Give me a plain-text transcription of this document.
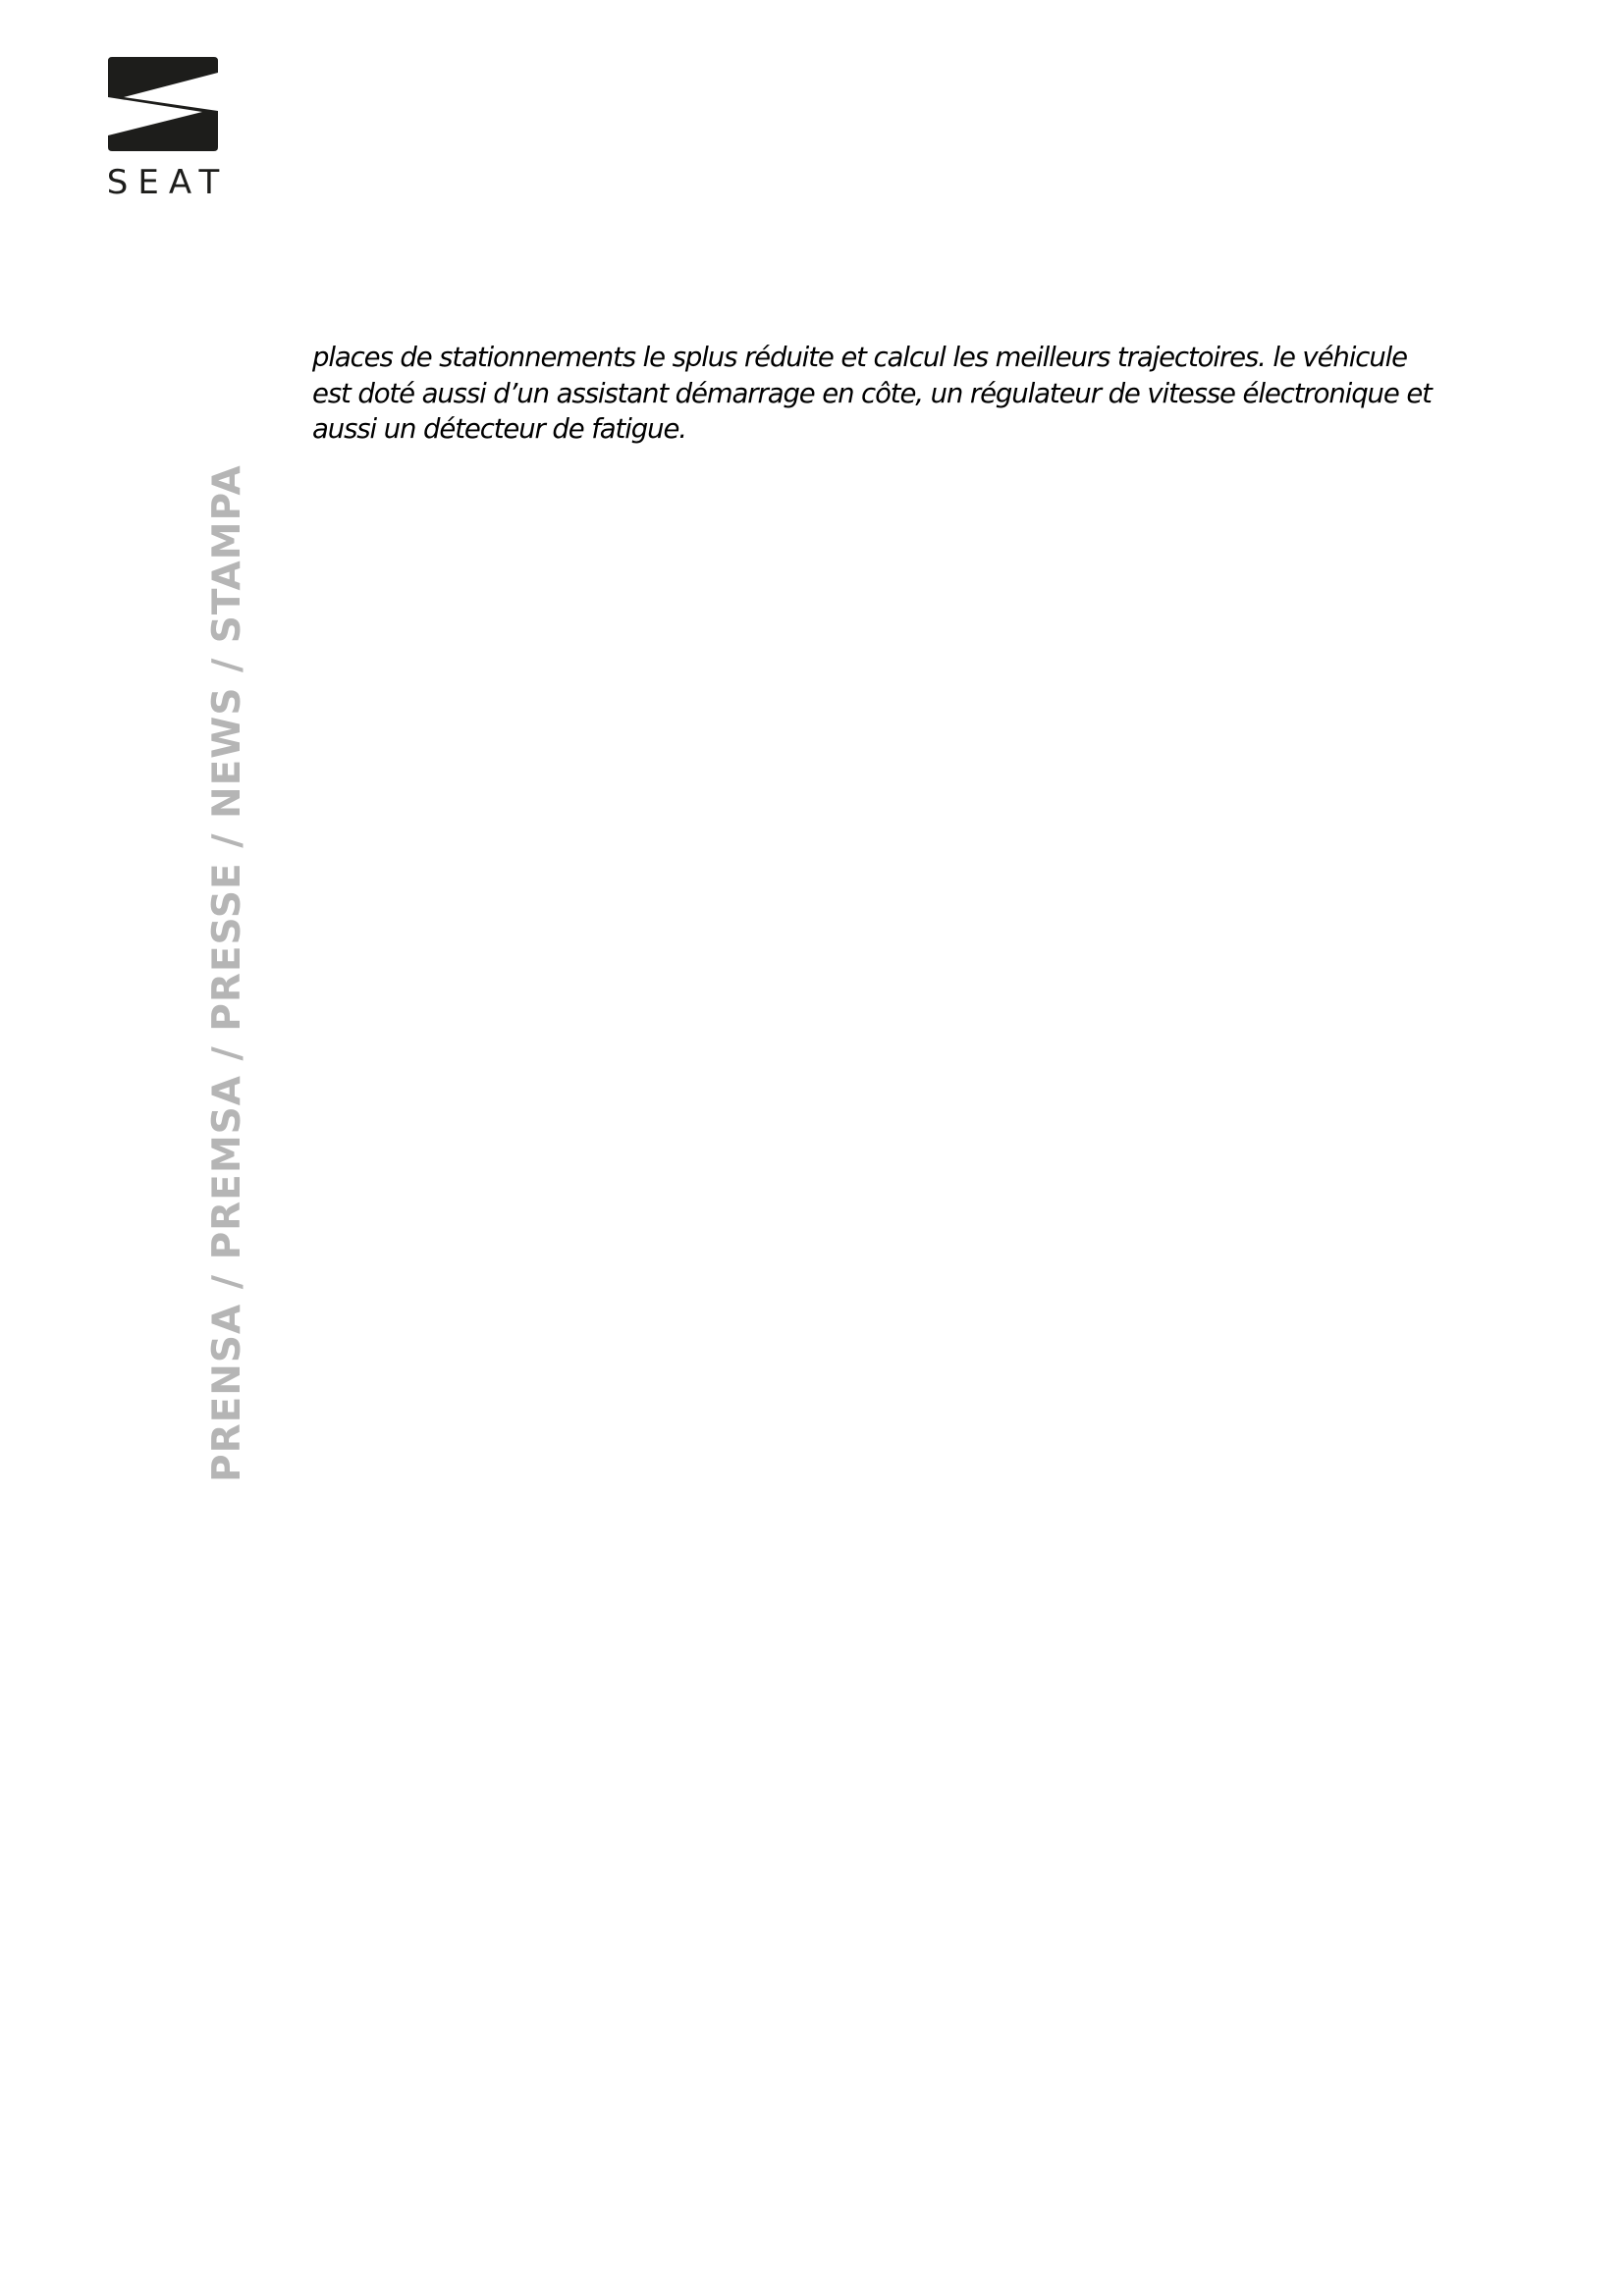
SEAT

places de stationnements le splus réduite et calcul les meilleurs trajectoires. le véhicule est doté aussi d’un assistant démarrage en côte, un régulateur de vitesse électronique et aussi un détecteur de fatigue.

PRENSA / PREMSA / PRESSE / NEWS / STAMPA
